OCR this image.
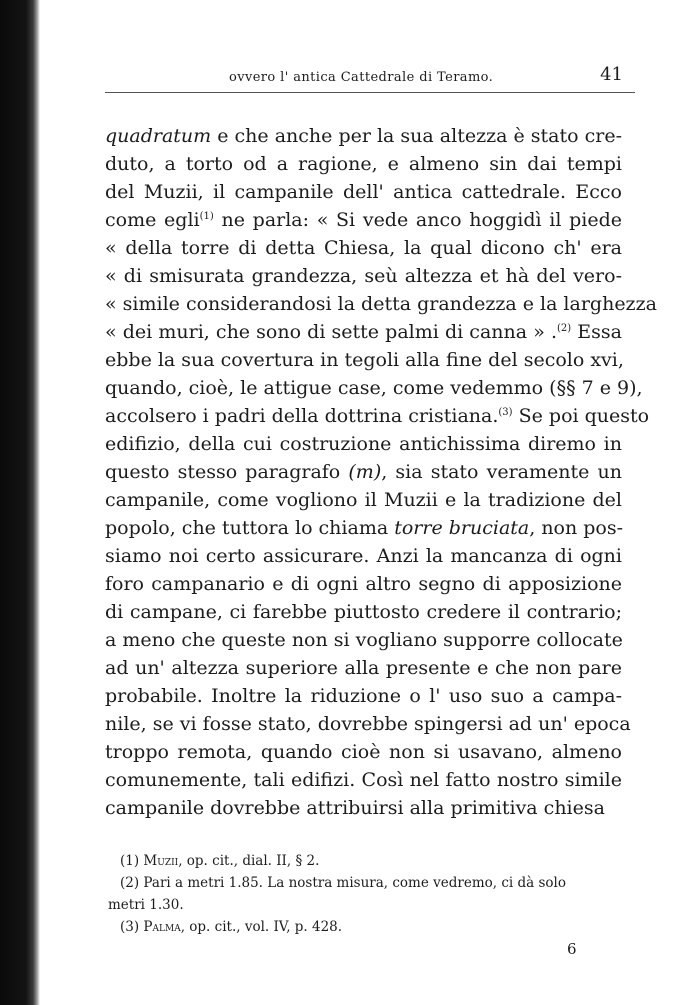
ovvero l' antica Cattedrale di Teramo.	41
quadratum e che anche per la sua altezza è stato cre-
duto, a torto od a ragione, e almeno sin dai tempi
del Muzii, il campanile dell' antica cattedrale. Ecco
come egli$^{(1)}$ ne parla: « Si vede anco hoggidì il piede
« della torre di detta Chiesa, la qual dicono ch' era
« di smisurata grandezza, seù altezza et hà del vero-
« simile considerandosi la detta grandezza e la larghezza
« dei muri, che sono di sette palmi di canna » .$^{(2)}$ Essa
ebbe la sua covertura in tegoli alla fine del secolo xvi,
quando, cioè, le attigue case, come vedemmo (§§ 7 e 9),
accolsero i padri della dottrina cristiana.$^{(3)}$ Se poi questo
edifizio, della cui costruzione antichissima diremo in
questo stesso paragrafo (m), sia stato veramente un
campanile, come vogliono il Muzii e la tradizione del
popolo, che tuttora lo chiama torre bruciata, non pos-
siamo noi certo assicurare. Anzi la mancanza di ogni
foro campanario e di ogni altro segno di apposizione
di campane, ci farebbe piuttosto credere il contrario;
a meno che queste non si vogliano supporre collocate
ad un' altezza superiore alla presente e che non pare
probabile. Inoltre la riduzione o l' uso suo a campa-
nile, se vi fosse stato, dovrebbe spingersi ad un' epoca
troppo remota, quando cioè non si usavano, almeno
comunemente, tali edifizi. Così nel fatto nostro simile
campanile dovrebbe attribuirsi alla primitiva chiesa
(1) Muzii, op. cit., dial. II, § 2.
(2) Pari a metri 1.85. La nostra misura, come vedremo, ci dà solo
metri 1.30.
(3) Palma, op. cit., vol. IV, p. 428.
6
